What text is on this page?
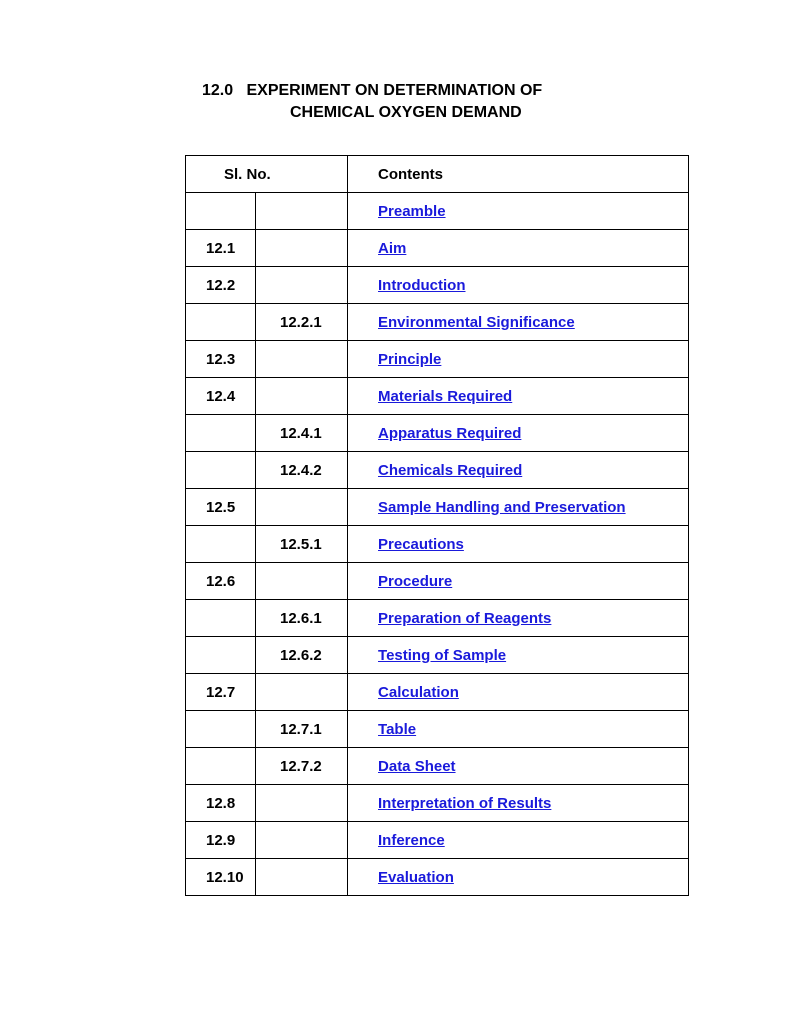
12.0   EXPERIMENT ON DETERMINATION OF
CHEMICAL OXYGEN DEMAND
Sl. No.		Contents
		Preamble
12.1		Aim
12.2		Introduction
	12.2.1	Environmental Significance
12.3		Principle
12.4		Materials Required
	12.4.1	Apparatus Required
	12.4.2	Chemicals Required
12.5		Sample Handling and Preservation
	12.5.1	Precautions
12.6		Procedure
	12.6.1	Preparation of Reagents
	12.6.2	Testing of Sample
12.7		Calculation
	12.7.1	Table
	12.7.2	Data Sheet
12.8		Interpretation of Results
12.9		Inference
12.10		Evaluation
